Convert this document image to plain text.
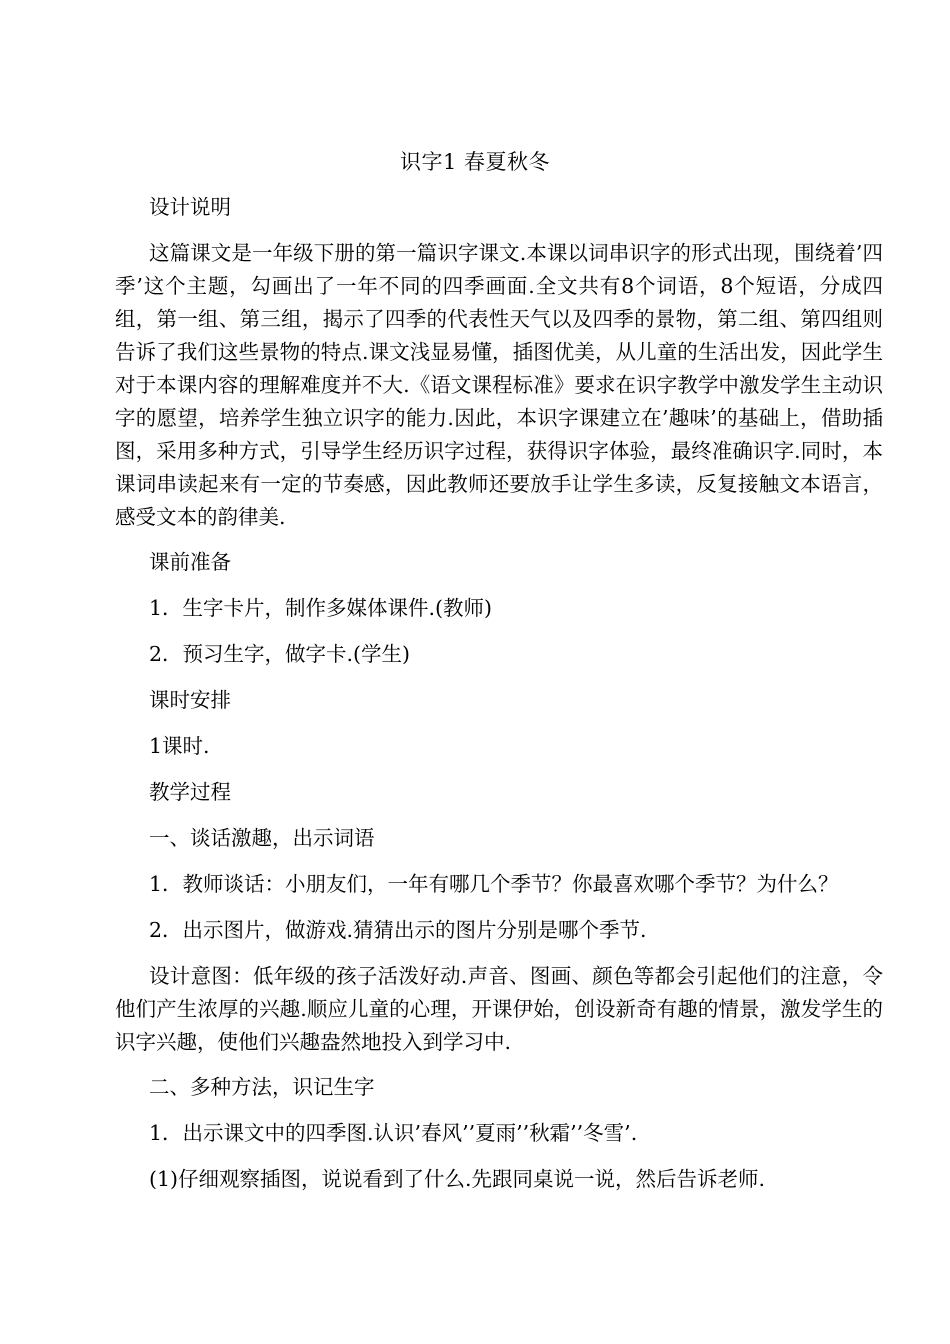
识字1 春夏秋冬

设计说明

这篇课文是一年级下册的第一篇识字课文.本课以词串识字的形式出现，围绕着’四季’这个主题，勾画出了一年不同的四季画面.全文共有8个词语，8个短语，分成四组，第一组、第三组，揭示了四季的代表性天气以及四季的景物，第二组、第四组则告诉了我们这些景物的特点.课文浅显易懂，插图优美，从儿童的生活出发，因此学生对于本课内容的理解难度并不大.《语文课程标准》要求在识字教学中激发学生主动识字的愿望，培养学生独立识字的能力.因此，本识字课建立在’趣味’的基础上，借助插图，采用多种方式，引导学生经历识字过程，获得识字体验，最终准确识字.同时，本课词串读起来有一定的节奏感，因此教师还要放手让学生多读，反复接触文本语言，感受文本的韵律美.

课前准备

1．生字卡片，制作多媒体课件.(教师)

2．预习生字，做字卡.(学生)

课时安排

1课时.

教学过程

一、谈话激趣，出示词语

1．教师谈话：小朋友们，一年有哪几个季节？你最喜欢哪个季节？为什么？

2．出示图片，做游戏.猜猜出示的图片分别是哪个季节.

设计意图：低年级的孩子活泼好动.声音、图画、颜色等都会引起他们的注意，令他们产生浓厚的兴趣.顺应儿童的心理，开课伊始，创设新奇有趣的情景，激发学生的识字兴趣，使他们兴趣盎然地投入到学习中.

二、多种方法，识记生字

1．出示课文中的四季图.认识’春风’’夏雨’’秋霜’’冬雪’.

(1)仔细观察插图，说说看到了什么.先跟同桌说一说，然后告诉老师.
